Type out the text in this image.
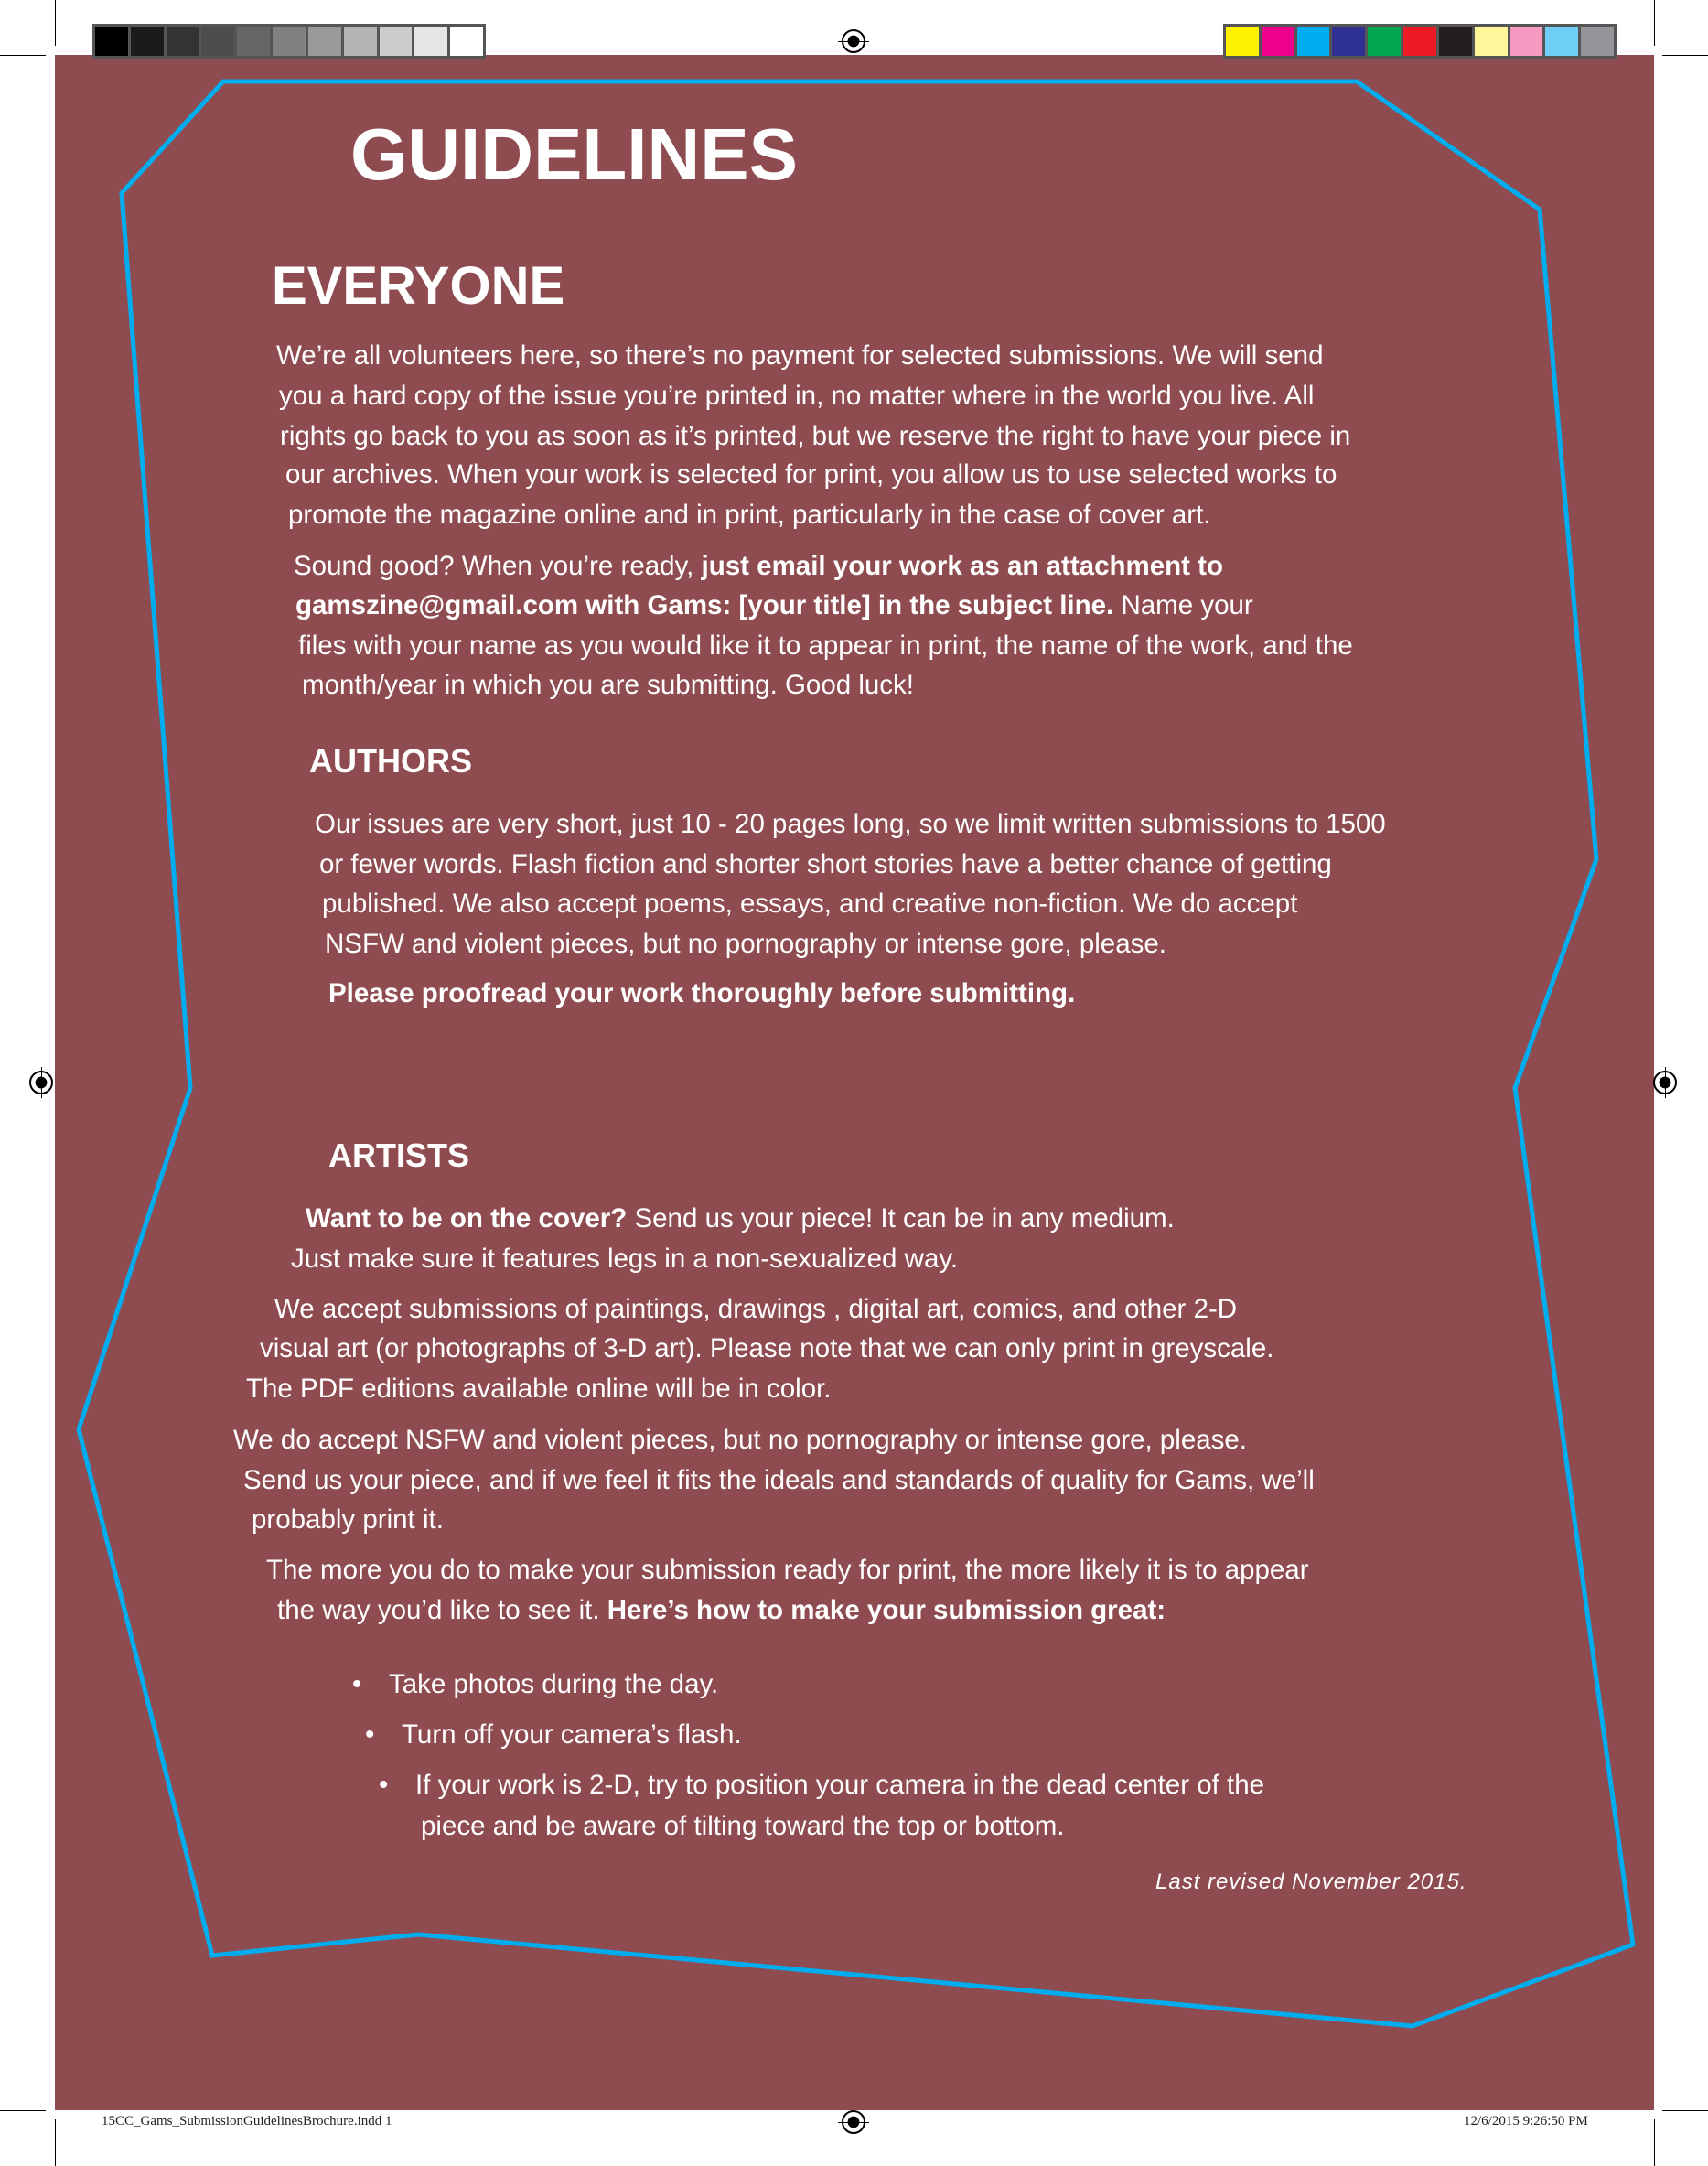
GUIDELINES
EVERYONE
We’re all volunteers here, so there’s no payment for selected submissions. We will send
you a hard copy of the issue you’re printed in, no matter where in the world you live. All
rights go back to you as soon as it’s printed, but we reserve the right to have your piece in
our archives. When your work is selected for print, you allow us to use selected works to
promote the magazine online and in print, particularly in the case of cover art.
Sound good? When you’re ready, just email your work as an attachment to
gamszine@gmail.com with Gams: [your title] in the subject line. Name your
files with your name as you would like it to appear in print, the name of the work, and the
month/year in which you are submitting. Good luck!
AUTHORS
Our issues are very short, just 10 - 20 pages long, so we limit written submissions to 1500
or fewer words. Flash fiction and shorter short stories have a better chance of getting
published. We also accept poems, essays, and creative non-fiction. We do accept
NSFW and violent pieces, but no pornography or intense gore, please.
Please proofread your work thoroughly before submitting.
ARTISTS
Want to be on the cover? Send us your piece! It can be in any medium.
Just make sure it features legs in a non-sexualized way.
We accept submissions of paintings, drawings , digital art, comics, and other 2-D
visual art (or photographs of 3-D art). Please note that we can only print in greyscale.
The PDF editions available online will be in color.
We do accept NSFW and violent pieces, but no pornography or intense gore, please.
Send us your piece, and if we feel it fits the ideals and standards of quality for Gams, we’ll
probably print it.
The more you do to make your submission ready for print, the more likely it is to appear
the way you’d like to see it. Here’s how to make your submission great:
• Take photos during the day.
• Turn off your camera’s flash.
• If your work is 2-D, try to position your camera in the dead center of the
piece and be aware of tilting toward the top or bottom.
Last revised November 2015.
15CC_Gams_SubmissionGuidelinesBrochure.indd 1	12/6/2015 9:26:50 PM
